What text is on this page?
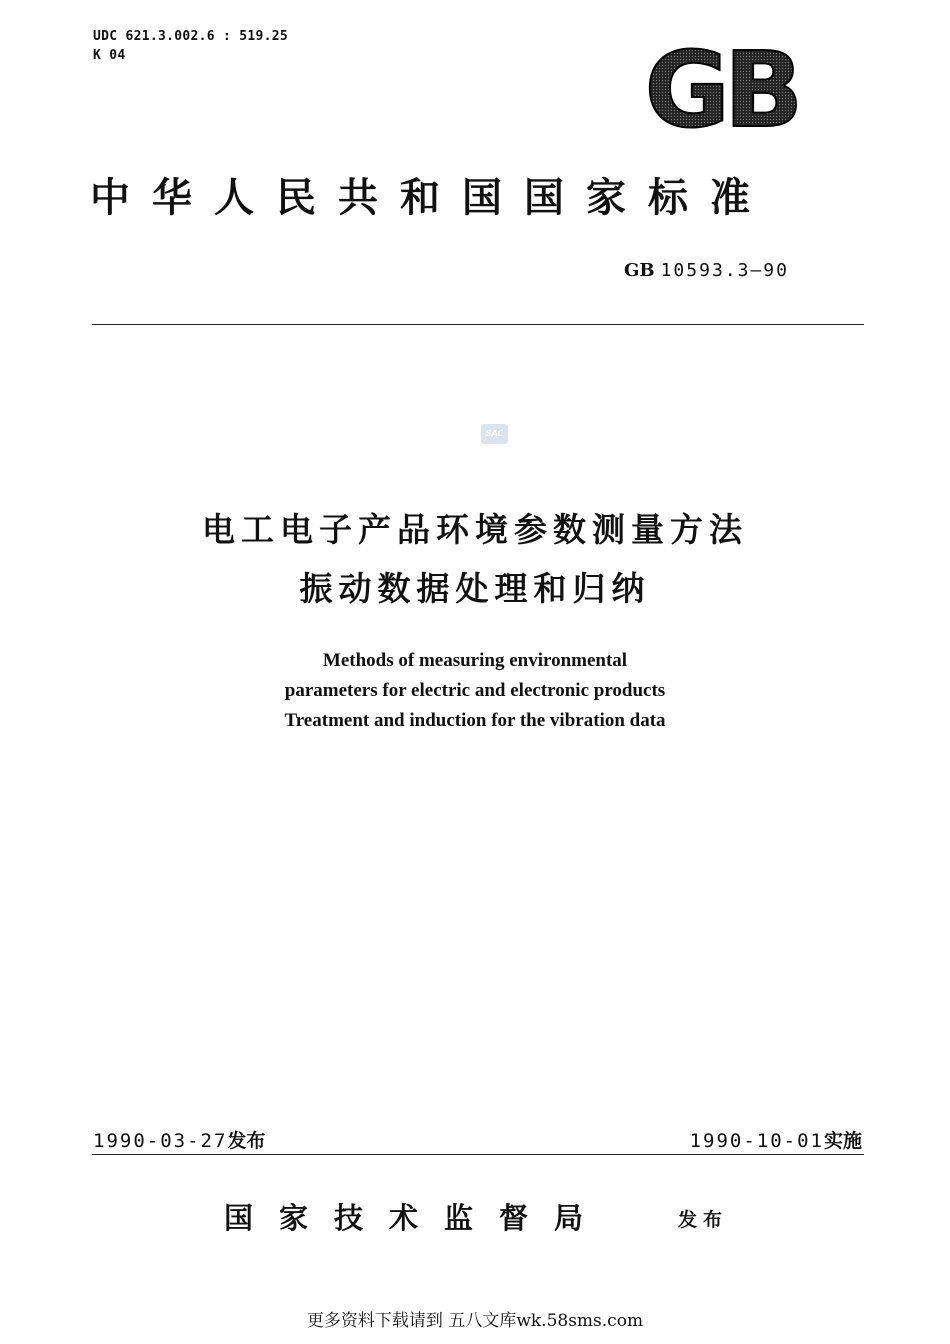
UDC 621.3.002.6 : 519.25
K 04	GB
中华人民共和国国家标准
GB 10593.3—90
SAC
电工电子产品环境参数测量方法
振动数据处理和归纳
Methods of measuring environmental
parameters for electric and electronic products
Treatment and induction for the vibration data
1990-03-27发布	1990-10-01实施
国家技术监督局	发布
更多资料下载请到 五八文库wk.58sms.com
